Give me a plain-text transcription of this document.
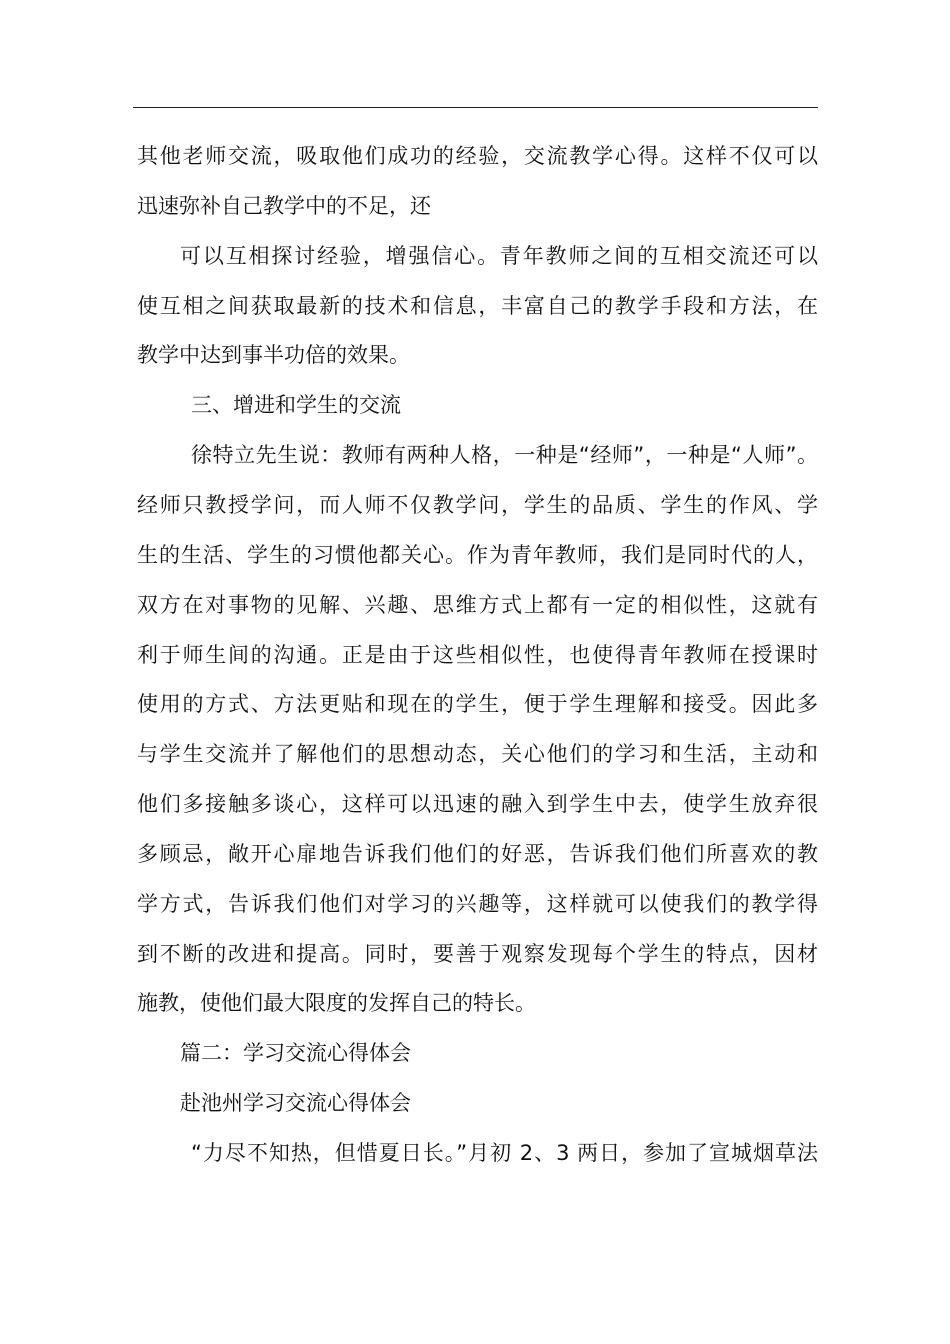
其他老师交流，吸取他们成功的经验，交流教学心得。这样不仅可以
迅速弥补自己教学中的不足，还
可以互相探讨经验，增强信心。青年教师之间的互相交流还可以
使互相之间获取最新的技术和信息，丰富自己的教学手段和方法，在
教学中达到事半功倍的效果。
三、增进和学生的交流
徐特立先生说：教师有两种人格，一种是“经师”，一种是“人师”。
经师只教授学问，而人师不仅教学问，学生的品质、学生的作风、学
生的生活、学生的习惯他都关心。作为青年教师，我们是同时代的人，
双方在对事物的见解、兴趣、思维方式上都有一定的相似性，这就有
利于师生间的沟通。正是由于这些相似性，也使得青年教师在授课时
使用的方式、方法更贴和现在的学生，便于学生理解和接受。因此多
与学生交流并了解他们的思想动态，关心他们的学习和生活，主动和
他们多接触多谈心，这样可以迅速的融入到学生中去，使学生放弃很
多顾忌，敞开心扉地告诉我们他们的好恶，告诉我们他们所喜欢的教
学方式，告诉我们他们对学习的兴趣等，这样就可以使我们的教学得
到不断的改进和提高。同时，要善于观察发现每个学生的特点，因材
施教，使他们最大限度的发挥自己的特长。
篇二：学习交流心得体会
赴池州学习交流心得体会
“力尽不知热，但惜夏日长。”月初 2、3 两日，参加了宣城烟草法
